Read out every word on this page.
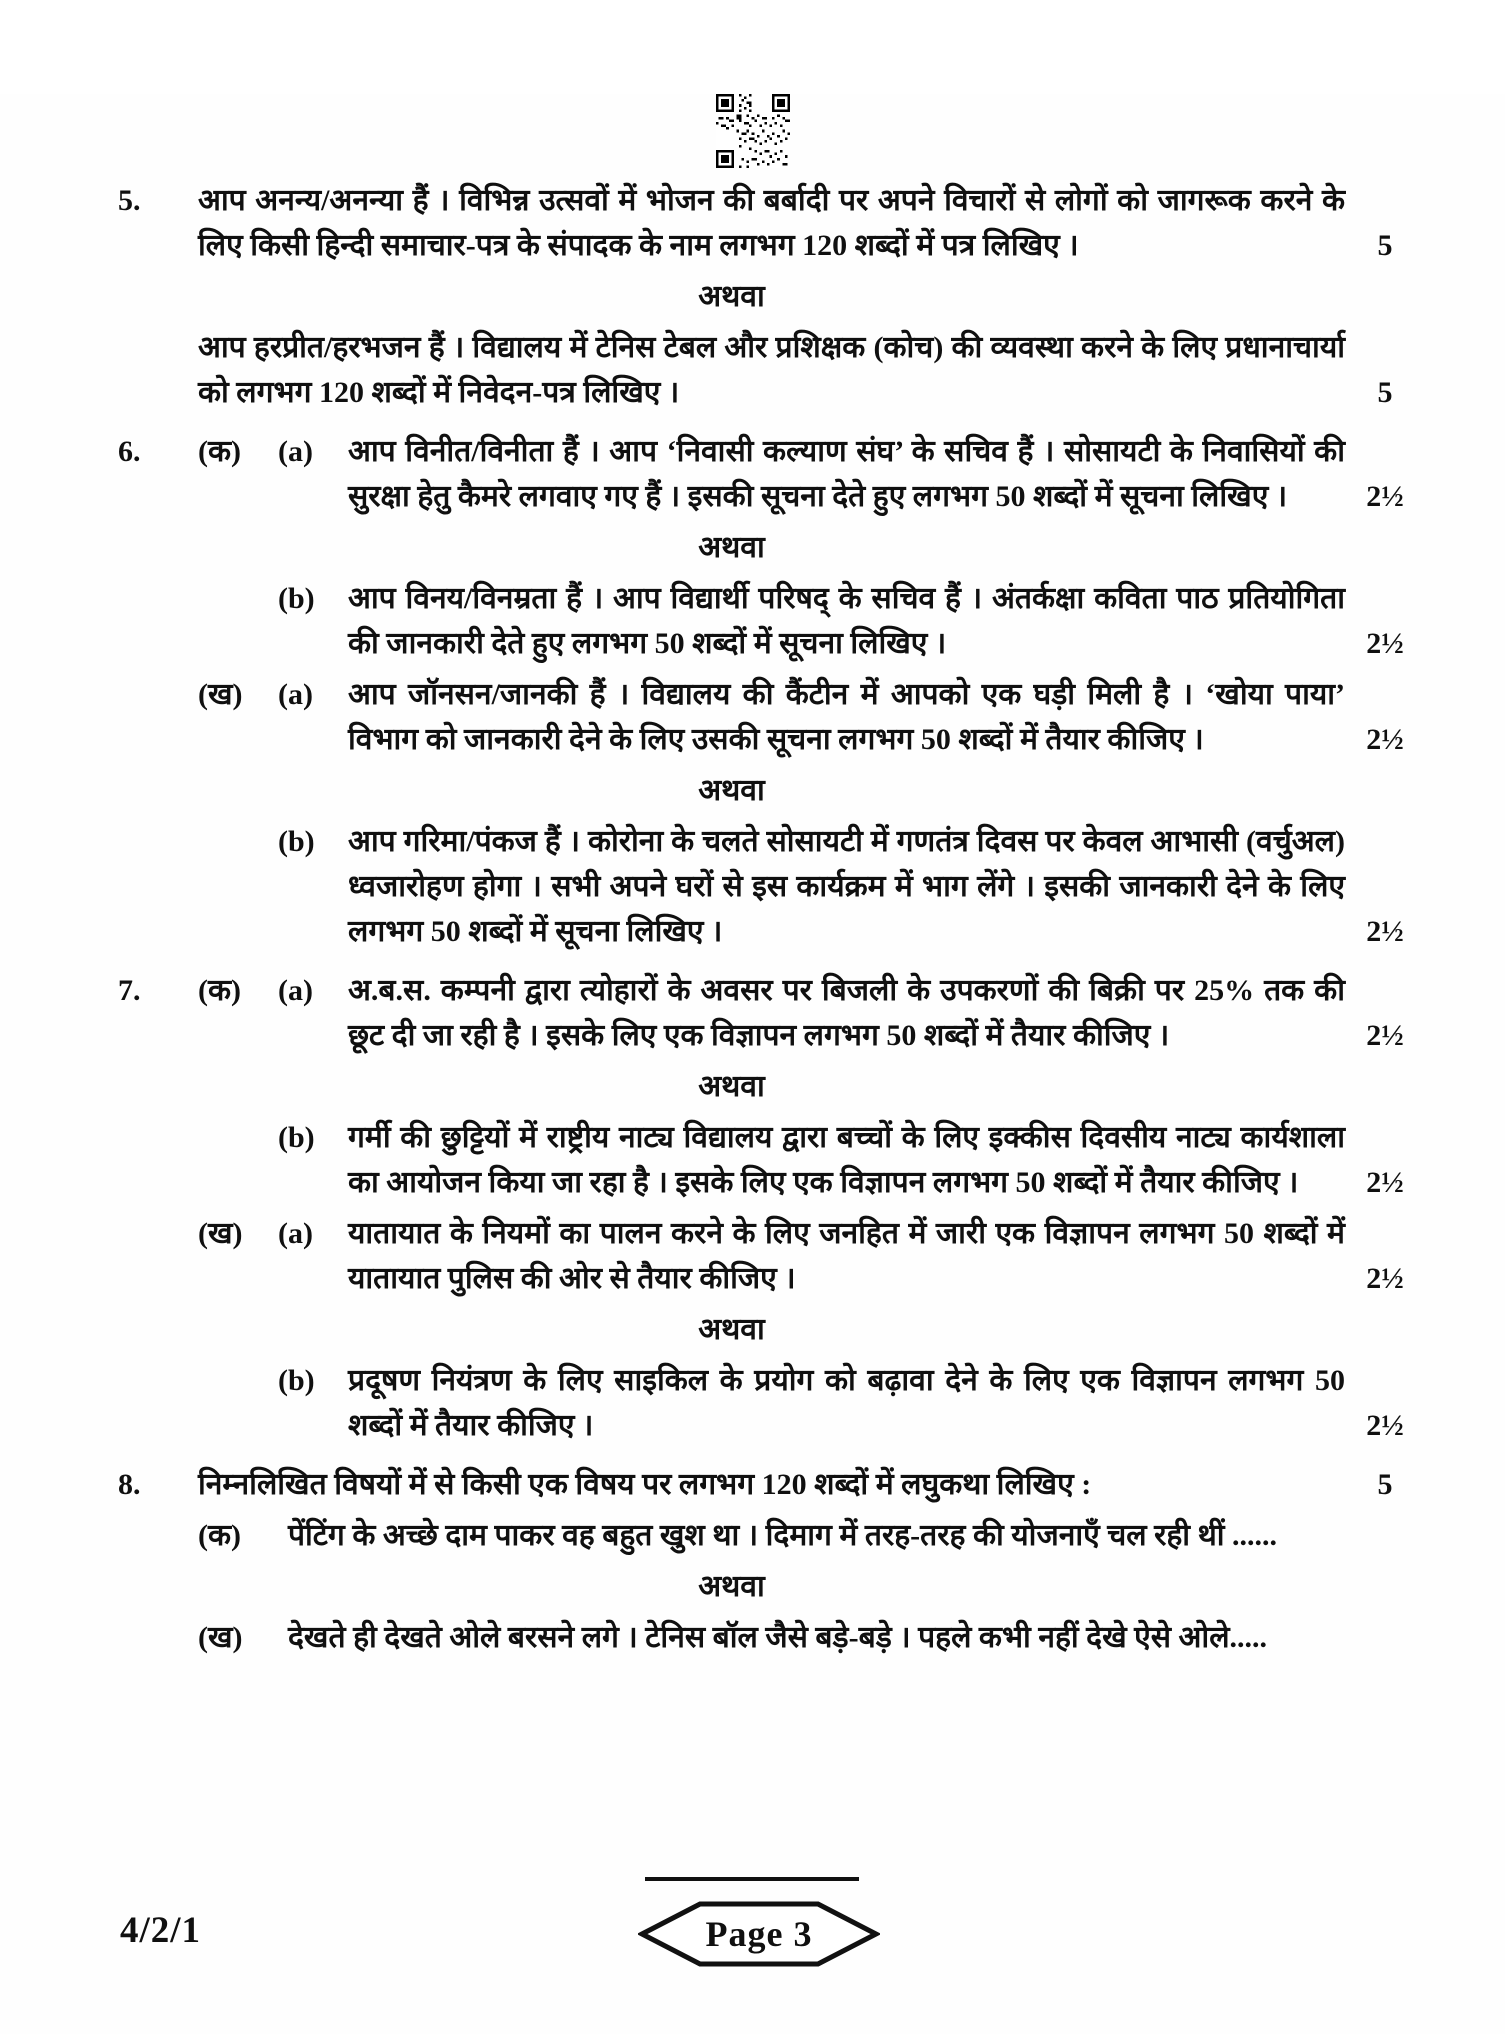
5.	आप अनन्य/अनन्या हैं । विभिन्न उत्सवों में भोजन की बर्बादी पर अपने विचारों से लोगों को जागरूक करने के लिए किसी हिन्दी समाचार-पत्र के संपादक के नाम लगभग 120 शब्दों में पत्र लिखिए ।	5
अथवा
आप हरप्रीत/हरभजन हैं । विद्यालय में टेनिस टेबल और प्रशिक्षक (कोच) की व्यवस्था करने के लिए प्रधानाचार्या को लगभग 120 शब्दों में निवेदन-पत्र लिखिए ।	5
6.	(क)	(a)	आप विनीत/विनीता हैं । आप ‘निवासी कल्याण संघ’ के सचिव हैं । सोसायटी के निवासियों की सुरक्षा हेतु कैमरे लगवाए गए हैं । इसकी सूचना देते हुए लगभग 50 शब्दों में सूचना लिखिए ।	2½
अथवा
(b)	आप विनय/विनम्रता हैं । आप विद्यार्थी परिषद् के सचिव हैं । अंतर्कक्षा कविता पाठ प्रतियोगिता की जानकारी देते हुए लगभग 50 शब्दों में सूचना लिखिए ।	2½
(ख)	(a)	आप जॉनसन/जानकी हैं । विद्यालय की कैंटीन में आपको एक घड़ी मिली है । ‘खोया पाया’ विभाग को जानकारी देने के लिए उसकी सूचना लगभग 50 शब्दों में तैयार कीजिए ।	2½
अथवा
(b)	आप गरिमा/पंकज हैं । कोरोना के चलते सोसायटी में गणतंत्र दिवस पर केवल आभासी (वर्चुअल) ध्वजारोहण होगा । सभी अपने घरों से इस कार्यक्रम में भाग लेंगे । इसकी जानकारी देने के लिए लगभग 50 शब्दों में सूचना लिखिए ।	2½
7.	(क)	(a)	अ.ब.स. कम्पनी द्वारा त्योहारों के अवसर पर बिजली के उपकरणों की बिक्री पर 25% तक की छूट दी जा रही है । इसके लिए एक विज्ञापन लगभग 50 शब्दों में तैयार कीजिए ।	2½
अथवा
(b)	गर्मी की छुट्टियों में राष्ट्रीय नाट्य विद्यालय द्वारा बच्चों के लिए इक्कीस दिवसीय नाट्य कार्यशाला का आयोजन किया जा रहा है । इसके लिए एक विज्ञापन लगभग 50 शब्दों में तैयार कीजिए ।	2½
(ख)	(a)	यातायात के नियमों का पालन करने के लिए जनहित में जारी एक विज्ञापन लगभग 50 शब्दों में यातायात पुलिस की ओर से तैयार कीजिए ।	2½
अथवा
(b)	प्रदूषण नियंत्रण के लिए साइकिल के प्रयोग को बढ़ावा देने के लिए एक विज्ञापन लगभग 50 शब्दों में तैयार कीजिए ।	2½
8.	निम्नलिखित विषयों में से किसी एक विषय पर लगभग 120 शब्दों में लघुकथा लिखिए :	5
(क)	पेंटिंग के अच्छे दाम पाकर वह बहुत खुश था । दिमाग में तरह-तरह की योजनाएँ चल रही थीं ......
अथवा
(ख)	देखते ही देखते ओले बरसने लगे । टेनिस बॉल जैसे बड़े-बड़े । पहले कभी नहीं देखे ऐसे ओले.....
Page 3
4/2/1
